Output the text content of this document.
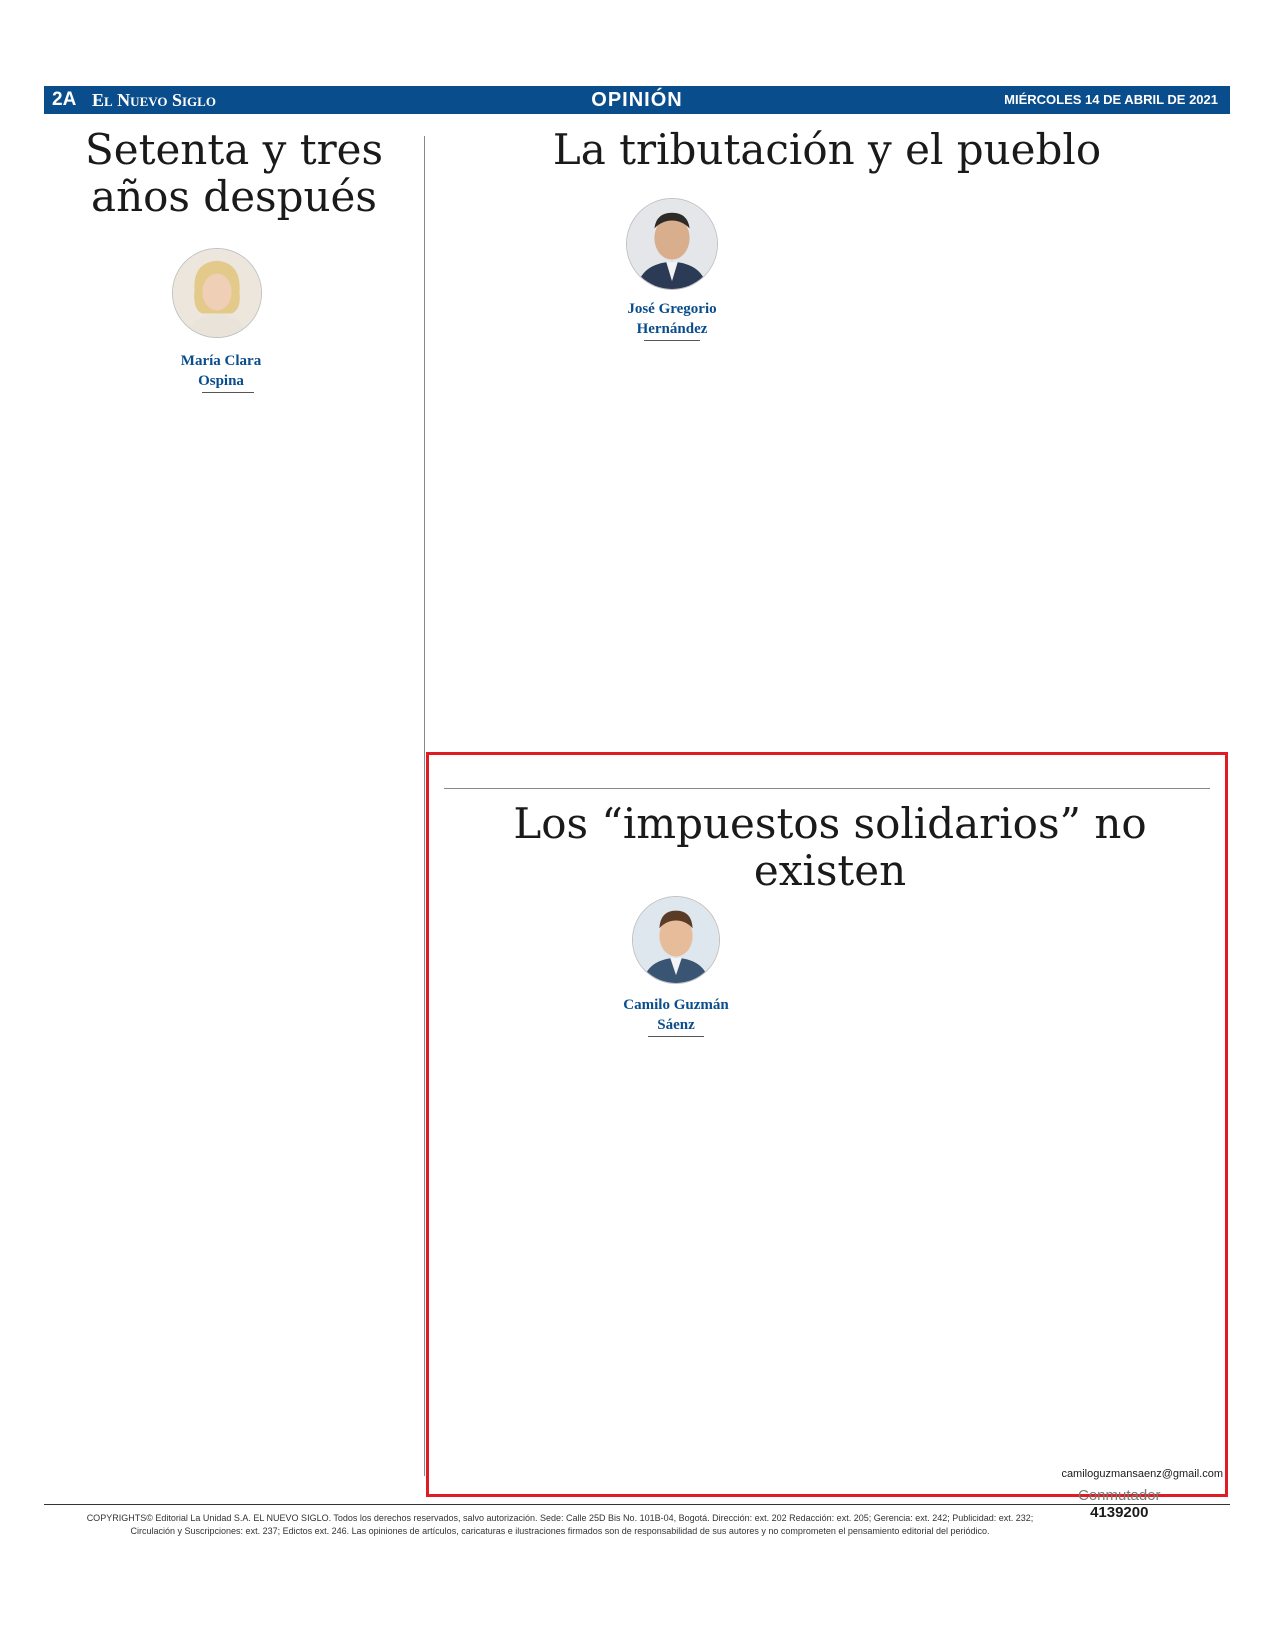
2A El Nuevo Siglo	OPINIÓN	MIÉRCOLES 14 DE ABRIL DE 2021
Setenta y tres años después

María Clara Ospina

La tributación y el pueblo

José Gregorio Hernández

Los “impuestos solidarios” no existen

Camilo Guzmán Sáenz

camiloguzmansaenz@gmail.com
COPYRIGHTS© Editorial La Unidad S.A. EL NUEVO SIGLO. Todos los derechos reservados, salvo autorización. Sede: Calle 25D Bis No. 101B-04, Bogotá. Dirección: ext. 202 Redacción: ext. 205; Gerencia: ext. 242; Publicidad: ext. 232;
Circulación y Suscripciones: ext. 237; Edictos ext. 246. Las opiniones de artículos, caricaturas e ilustraciones firmados son de responsabilidad de sus autores y no comprometen el pensamiento editorial del periódico.
Conmutador
4139200
